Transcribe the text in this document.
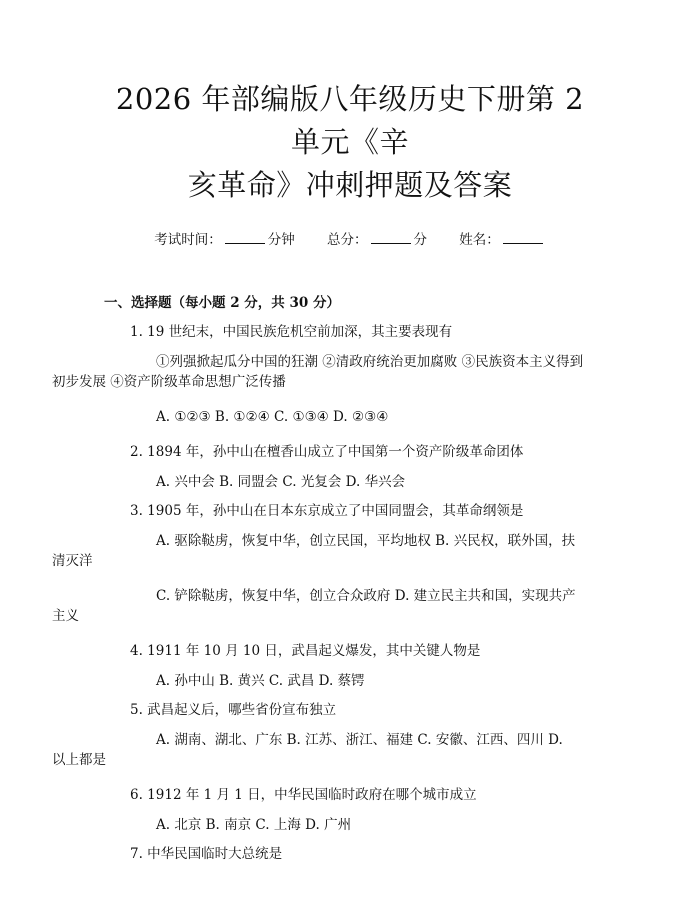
2026 年部编版八年级历史下册第 2 单元《辛
亥革命》冲刺押题及答案
考试时间：	分钟 总分：	分 姓名：
一、选择题（每小题 2 分，共 30 分）
1. 19 世纪末，中国民族危机空前加深，其主要表现有
①列强掀起瓜分中国的狂潮 ②清政府统治更加腐败 ③民族资本主义得到
初步发展 ④资产阶级革命思想广泛传播
A. ①②③ B. ①②④ C. ①③④ D. ②③④
2. 1894 年，孙中山在檀香山成立了中国第一个资产阶级革命团体
A. 兴中会 B. 同盟会 C. 光复会 D. 华兴会
3. 1905 年，孙中山在日本东京成立了中国同盟会，其革命纲领是
A. 驱除鞑虏，恢复中华，创立民国，平均地权 B. 兴民权，联外国，扶
清灭洋
C. 铲除鞑虏，恢复中华，创立合众政府 D. 建立民主共和国，实现共产
主义
4. 1911 年 10 月 10 日，武昌起义爆发，其中关键人物是
A. 孙中山 B. 黄兴 C. 武昌 D. 蔡锷
5. 武昌起义后，哪些省份宣布独立
A. 湖南、湖北、广东 B. 江苏、浙江、福建 C. 安徽、江西、四川 D.
以上都是
6. 1912 年 1 月 1 日，中华民国临时政府在哪个城市成立
A. 北京 B. 南京 C. 上海 D. 广州
7. 中华民国临时大总统是
